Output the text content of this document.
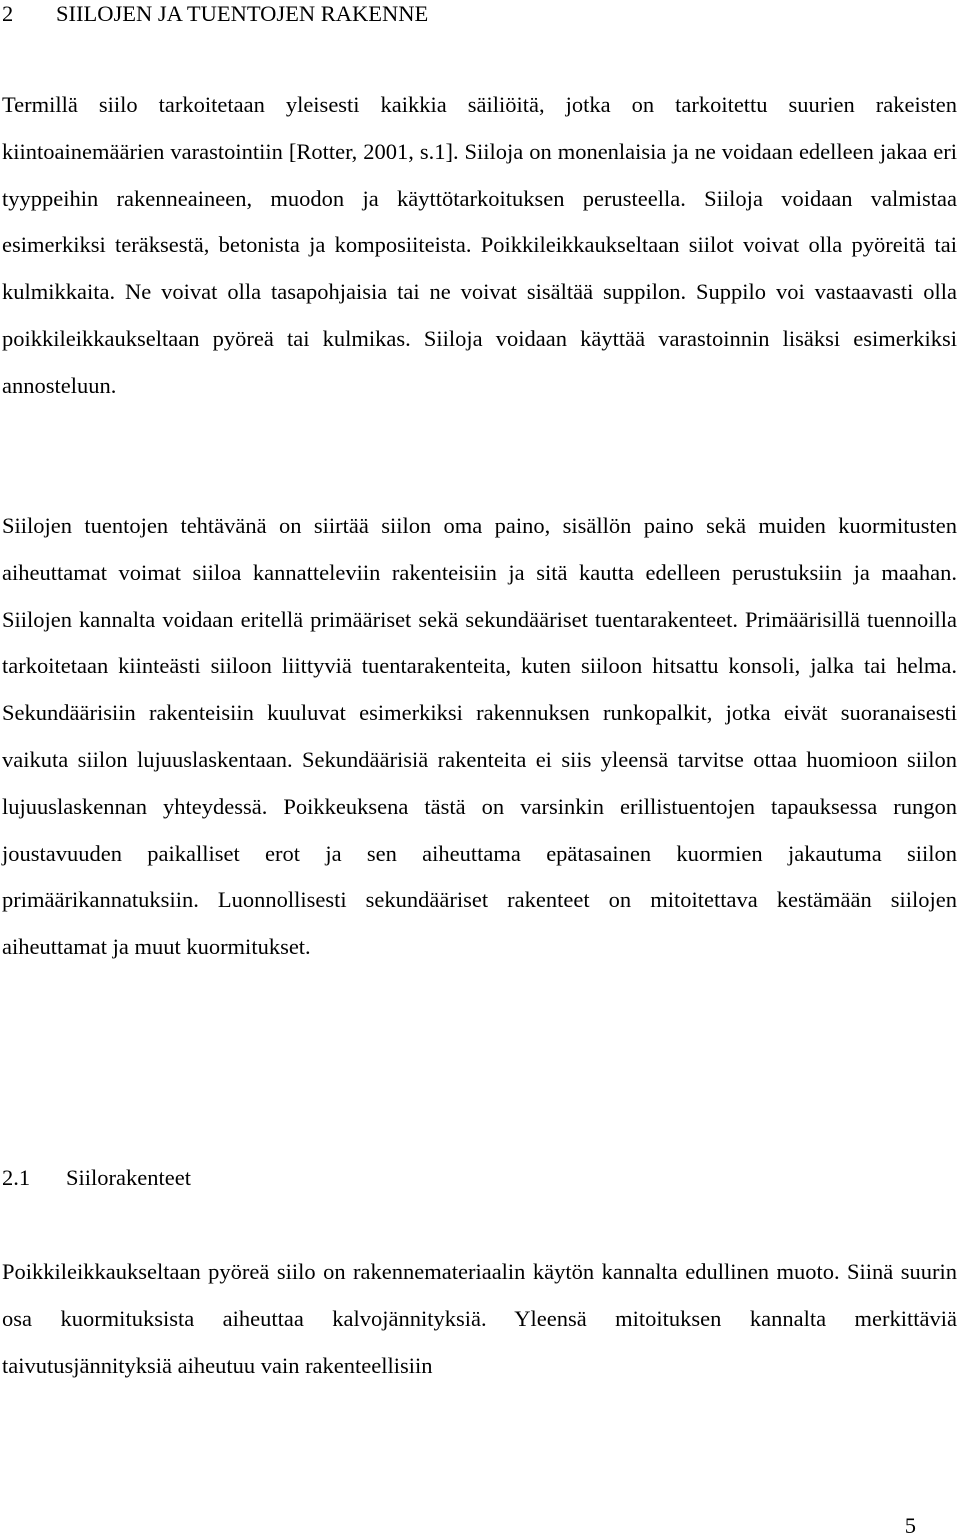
2 SIILOJEN JA TUENTOJEN RAKENNE

Termillä siilo tarkoitetaan yleisesti kaikkia säiliöitä, jotka on tarkoitettu suurien rakeisten kiintoainemäärien varastointiin [Rotter, 2001, s.1]. Siiloja on monenlaisia ja ne voidaan edelleen jakaa eri tyyppeihin rakenneaineen, muodon ja käyttötarkoituksen perusteella. Siiloja voidaan valmistaa esimerkiksi teräksestä, betonista ja komposiiteista. Poikkileikkaukseltaan siilot voivat olla pyöreitä tai kulmikkaita. Ne voivat olla tasapohjaisia tai ne voivat sisältää suppilon. Suppilo voi vastaavasti olla poikkileikkaukseltaan pyöreä tai kulmikas. Siiloja voidaan käyttää varastoinnin lisäksi esimerkiksi annosteluun.

Siilojen tuentojen tehtävänä on siirtää siilon oma paino, sisällön paino sekä muiden kuormitusten aiheuttamat voimat siiloa kannatteleviin rakenteisiin ja sitä kautta edelleen perustuksiin ja maahan. Siilojen kannalta voidaan eritellä primääriset sekä sekundääriset tuentarakenteet. Primäärisillä tuennoilla tarkoitetaan kiinteästi siiloon liittyviä tuentarakenteita, kuten siiloon hitsattu konsoli, jalka tai helma. Sekundäärisiin rakenteisiin kuuluvat esimerkiksi rakennuksen runkopalkit, jotka eivät suoranaisesti vaikuta siilon lujuuslaskentaan. Sekundäärisiä rakenteita ei siis yleensä tarvitse ottaa huomioon siilon lujuuslaskennan yhteydessä. Poikkeuksena tästä on varsinkin erillistuentojen tapauksessa rungon joustavuuden paikalliset erot ja sen aiheuttama epätasainen kuormien jakautuma siilon primäärikannatuksiin. Luonnollisesti sekundääriset rakenteet on mitoitettava kestämään siilojen aiheuttamat ja muut kuormitukset.

2.1 Siilorakenteet

Poikkileikkaukseltaan pyöreä siilo on rakennemateriaalin käytön kannalta edullinen muoto. Siinä suurin osa kuormituksista aiheuttaa kalvojännityksiä. Yleensä mitoituksen kannalta merkittäviä taivutusjännityksiä aiheutuu vain rakenteellisiin

5
